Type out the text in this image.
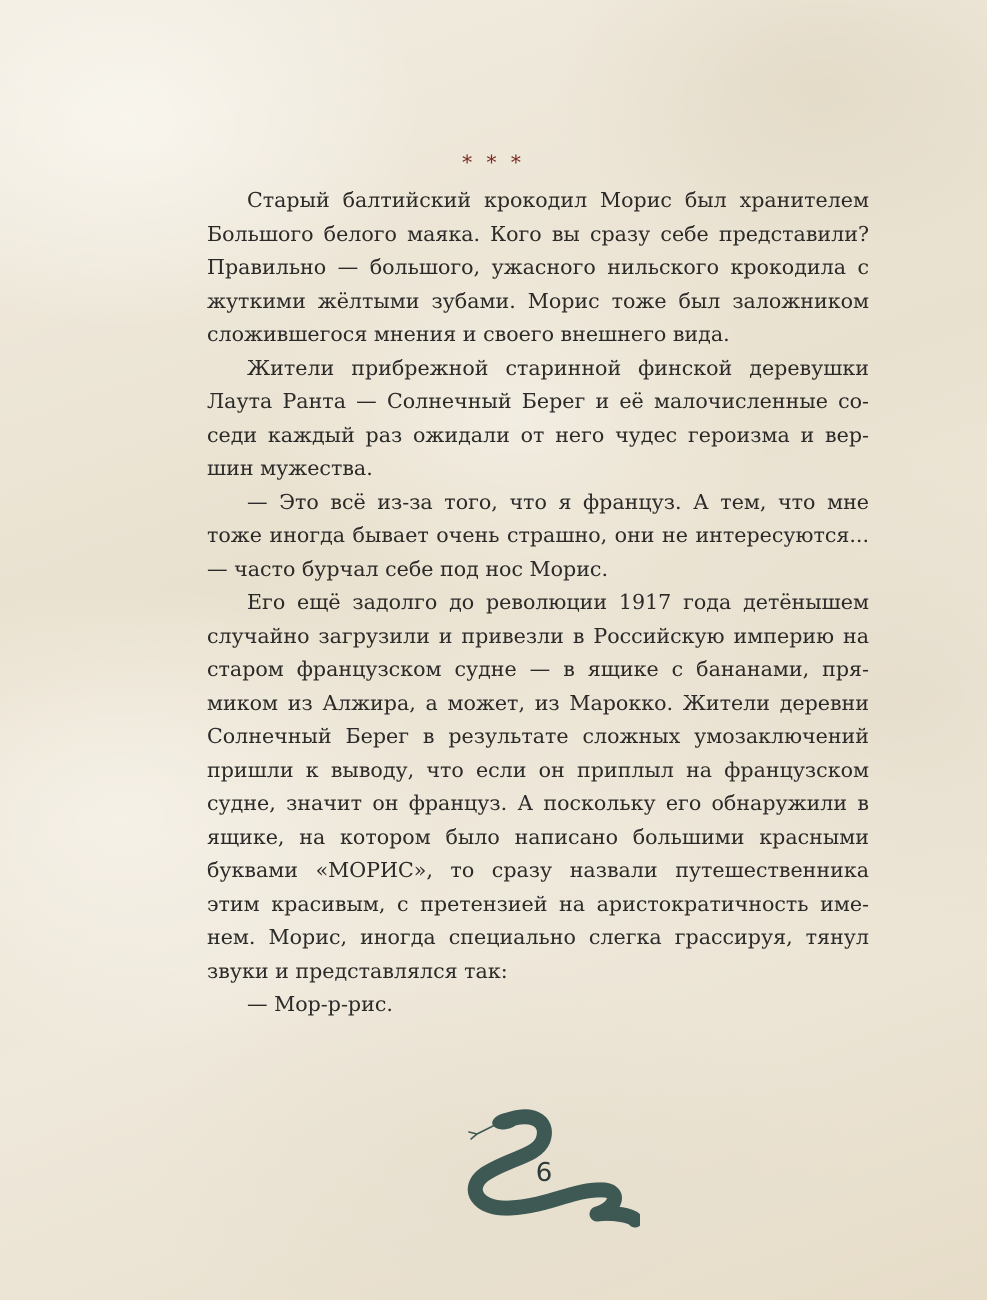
* * *

Старый балтийский крокодил Морис был хранителем Большого белого маяка. Кого вы сразу себе представили? Правильно — большого, ужасного нильского крокодила с жуткими жёлтыми зубами. Морис тоже был заложником сложившегося мнения и своего внешнего вида.

Жители прибрежной старинной финской деревушки Лаута Ранта — Солнечный Берег и её малочисленные соседи каждый раз ожидали от него чудес героизма и вершин мужества.

— Это всё из-за того, что я француз. А тем, что мне тоже иногда бывает очень страшно, они не интересуются... — часто бурчал себе под нос Морис.

Его ещё задолго до революции 1917 года детёнышем случайно загрузили и привезли в Российскую империю на старом французском судне — в ящике с бананами, прямиком из Алжира, а может, из Марокко. Жители деревни Солнечный Берег в результате сложных умозаключений пришли к выводу, что если он приплыл на французском судне, значит он француз. А поскольку его обнаружили в ящике, на котором было написано большими красными буквами «МОРИС», то сразу назвали путешественника этим красивым, с претензией на аристократичность именем. Морис, иногда специально слегка грассируя, тянул звуки и представлялся так:

— Мор-р-рис.

6
